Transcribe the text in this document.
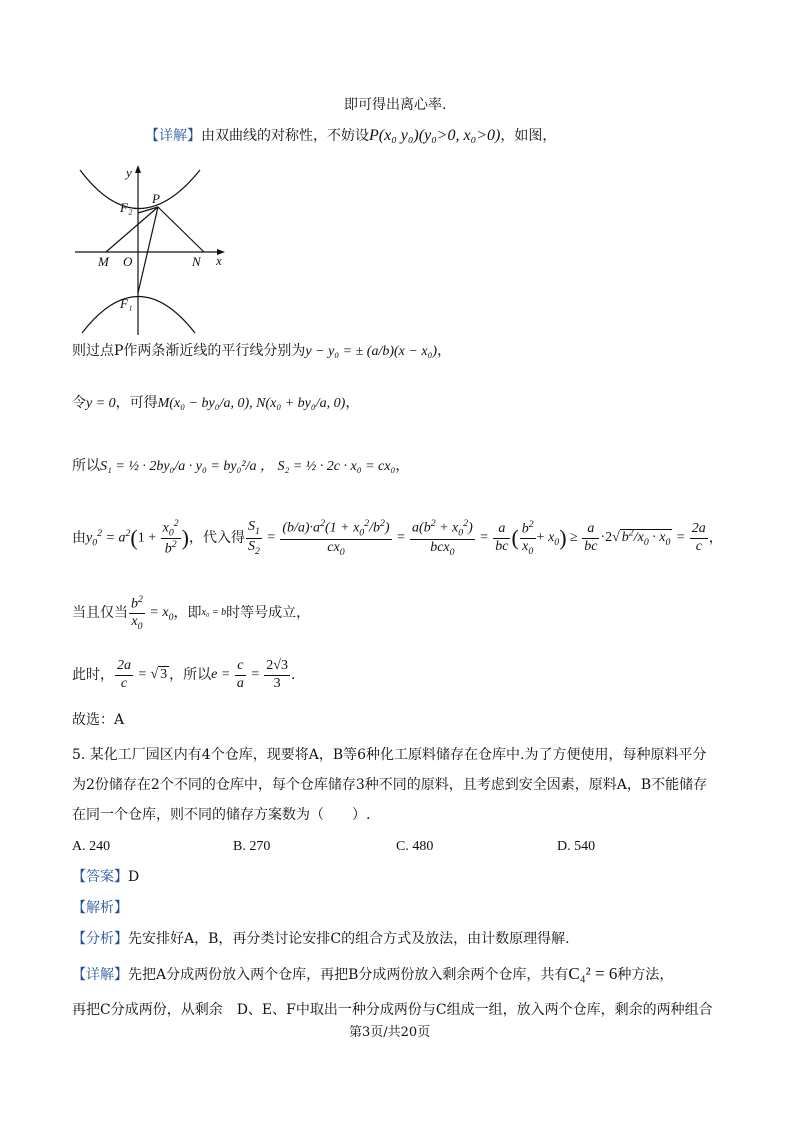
即可得出离心率.
【详解】由双曲线的对称性，不妨设P(x₀ y₀)(y₀>0, x₀>0)，如图，
y
x
F₂
P
M O	N
F₁
则过点P作两条渐近线的平行线分别为y − y₀ = ± (a/b)(x − x₀)，
令y = 0，可得M(x₀ − by₀/a, 0), N(x₀ + by₀/a, 0)，
所以S₁ = ½ · 2by₀/a · y₀ = by₀²/a ， S₂ = ½ · 2c · x₀ = cx₀，
由 $y_0^2 = a^2(1 + \frac{x_0^2}{b^2}$ ) ，代入得 $\frac{S_1}{S_2} = \frac{(b/a)\cdot a^2(1 + x_0^2/b^2)}{cx_0} = \frac{a(b^2 + x_0^2)}{bcx_0} = \frac{a}{bc}$ ( $\frac{b^2}{x_0} + x_0) \ge \frac{a}{bc} \cdot 2√$ $b^2/x_0 \cdot x_0 = \frac{2a}{c}$ ，
当且仅当 $\frac{b^2}{x_0} = x_0$ ，即 x₀ = b 时等号成立，
此时， $\frac{2a}{c}$ = √ 3 ，所以 $e = \frac{c}{a} = \frac{2√3}{3}$ .
故选：A
5. 某化工厂园区内有4个仓库，现要将A，B等6种化工原料储存在仓库中.为了方便使用，每种原料平分
为2份储存在2个不同的仓库中，每个仓库储存3种不同的原料，且考虑到安全因素，原料A，B不能储存
在同一个仓库，则不同的储存方案数为（　　）.
A. 240	B. 270	C. 480	D. 540
【答案】D
【解析】
【分析】先安排好A，B，再分类讨论安排C的组合方式及放法，由计数原理得解.
【详解】先把A分成两份放入两个仓库，再把B分成两份放入剩余两个仓库，共有C₄² = 6种方法，
再把C分成两份，从剩余　D、E、F中取出一种分成两份与C组成一组，放入两个仓库，剩余的两种组合
第3页/共20页
